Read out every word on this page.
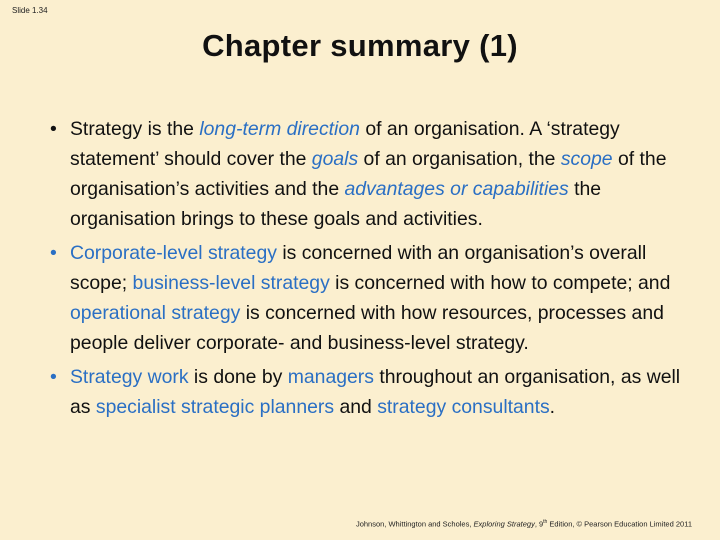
Slide 1.34
Chapter summary (1)
• Strategy is the long-term direction of an organisation. A ‘strategy statement’ should cover the goals of an organisation, the scope of the organisation’s activities and the advantages or capabilities the organisation brings to these goals and activities.
• Corporate-level strategy is concerned with an organisation’s overall scope; business-level strategy is concerned with how to compete; and operational strategy is concerned with how resources, processes and people deliver corporate- and business-level strategy.
• Strategy work is done by managers throughout an organisation, as well as specialist strategic planners and strategy consultants.
Johnson, Whittington and Scholes, Exploring Strategy, 9th Edition, © Pearson Education Limited 2011
